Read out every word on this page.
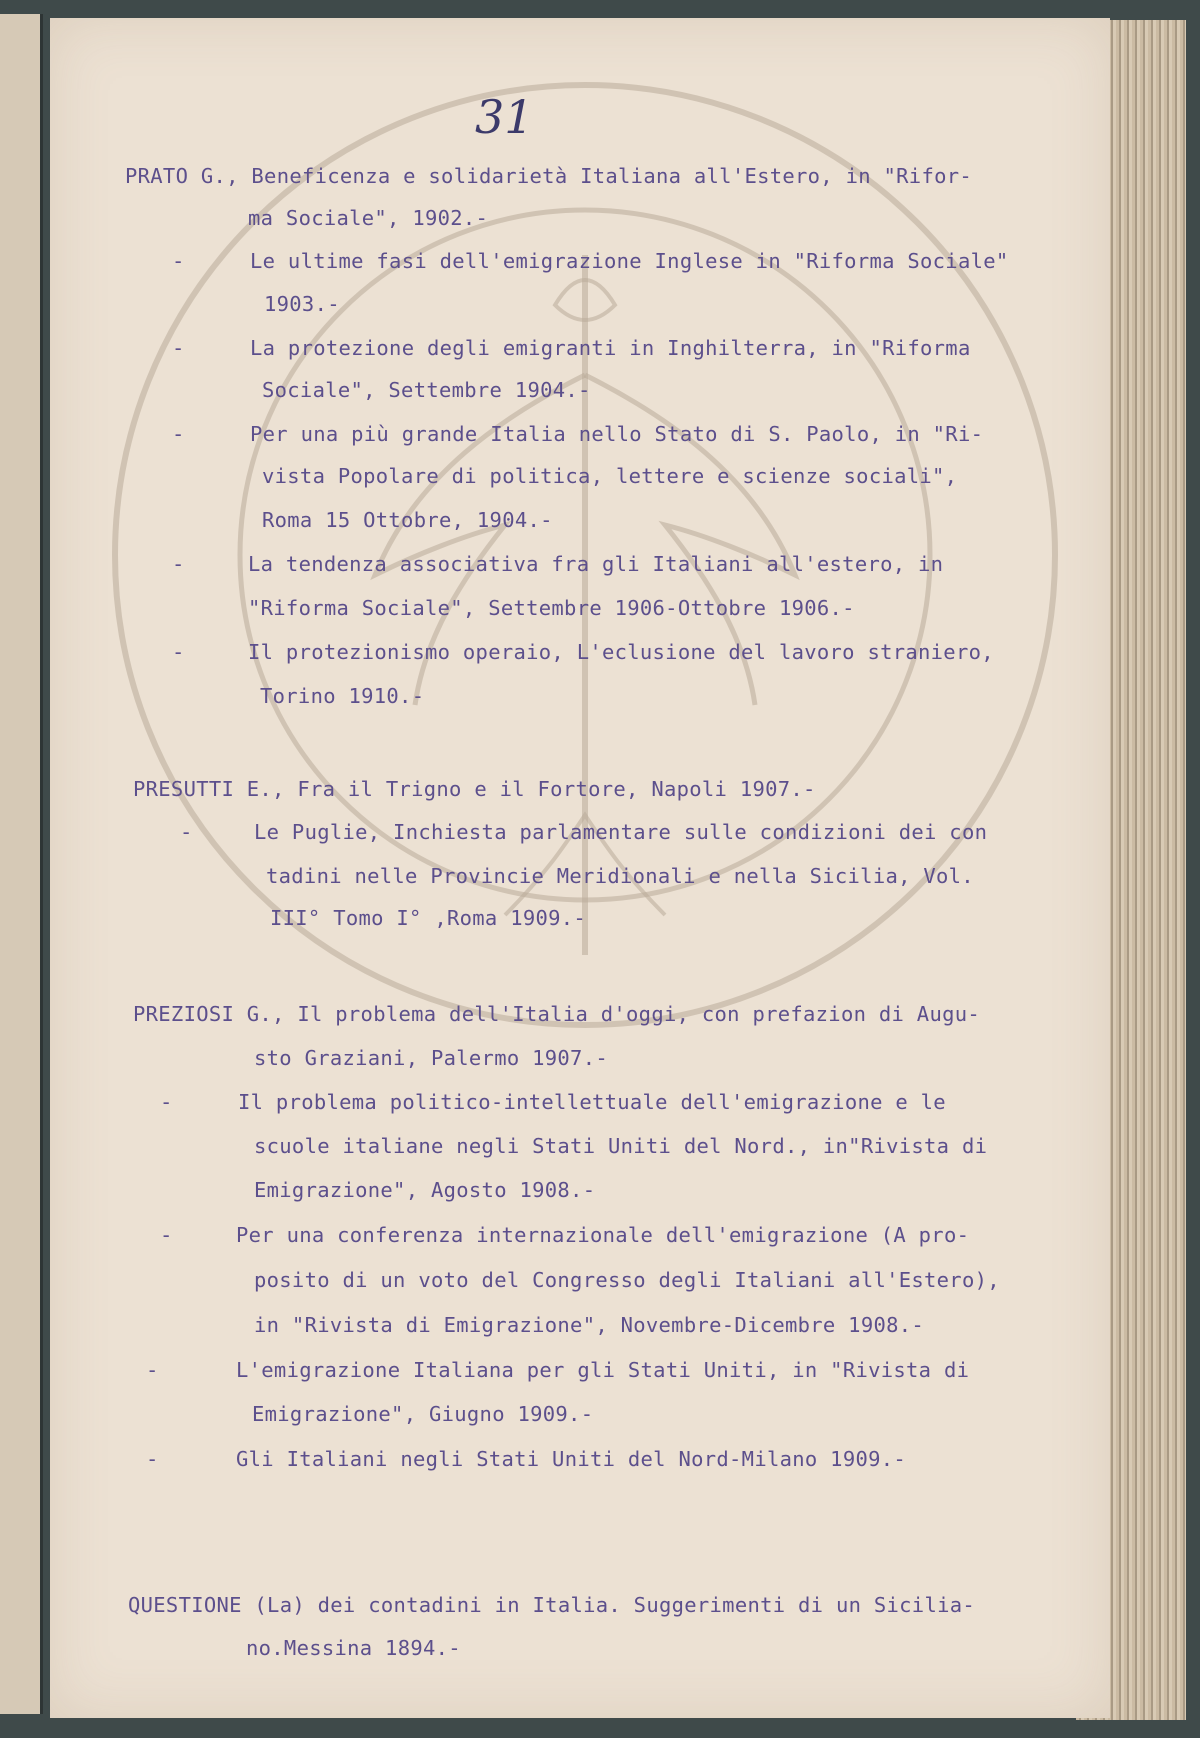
31
PRATO G., Beneficenza e solidarietà Italiana all'Estero, in "Rifor-
ma Sociale", 1902.-
-	Le ultime fasi dell'emigrazione Inglese in "Riforma Sociale"
1903.-
-	La protezione degli emigranti in Inghilterra, in "Riforma
Sociale", Settembre 1904.-
-	Per una più grande Italia nello Stato di S. Paolo, in "Ri-
vista Popolare di politica, lettere e scienze sociali",
Roma 15 Ottobre, 1904.-
-	La tendenza associativa fra gli Italiani all'estero, in
"Riforma Sociale", Settembre 1906-Ottobre 1906.-
-	Il protezionismo operaio, L'eclusione del lavoro straniero,
Torino 1910.-
PRESUTTI E., Fra il Trigno e il Fortore, Napoli 1907.-
-	Le Puglie, Inchiesta parlamentare sulle condizioni dei con
tadini nelle Provincie Meridionali e nella Sicilia, Vol.
III° Tomo I° ,Roma 1909.-
PREZIOSI G., Il problema dell'Italia d'oggi, con prefazion di Augu-
sto Graziani, Palermo 1907.-
-	Il problema politico-intellettuale dell'emigrazione e le
scuole italiane negli Stati Uniti del Nord., in"Rivista di
Emigrazione", Agosto 1908.-
-	Per una conferenza internazionale dell'emigrazione (A pro-
posito di un voto del Congresso degli Italiani all'Estero),
in "Rivista di Emigrazione", Novembre-Dicembre 1908.-
-	L'emigrazione Italiana per gli Stati Uniti, in "Rivista di
Emigrazione", Giugno 1909.-
-	Gli Italiani negli Stati Uniti del Nord-Milano 1909.-
QUESTIONE (La) dei contadini in Italia. Suggerimenti di un Sicilia-
no.Messina 1894.-
